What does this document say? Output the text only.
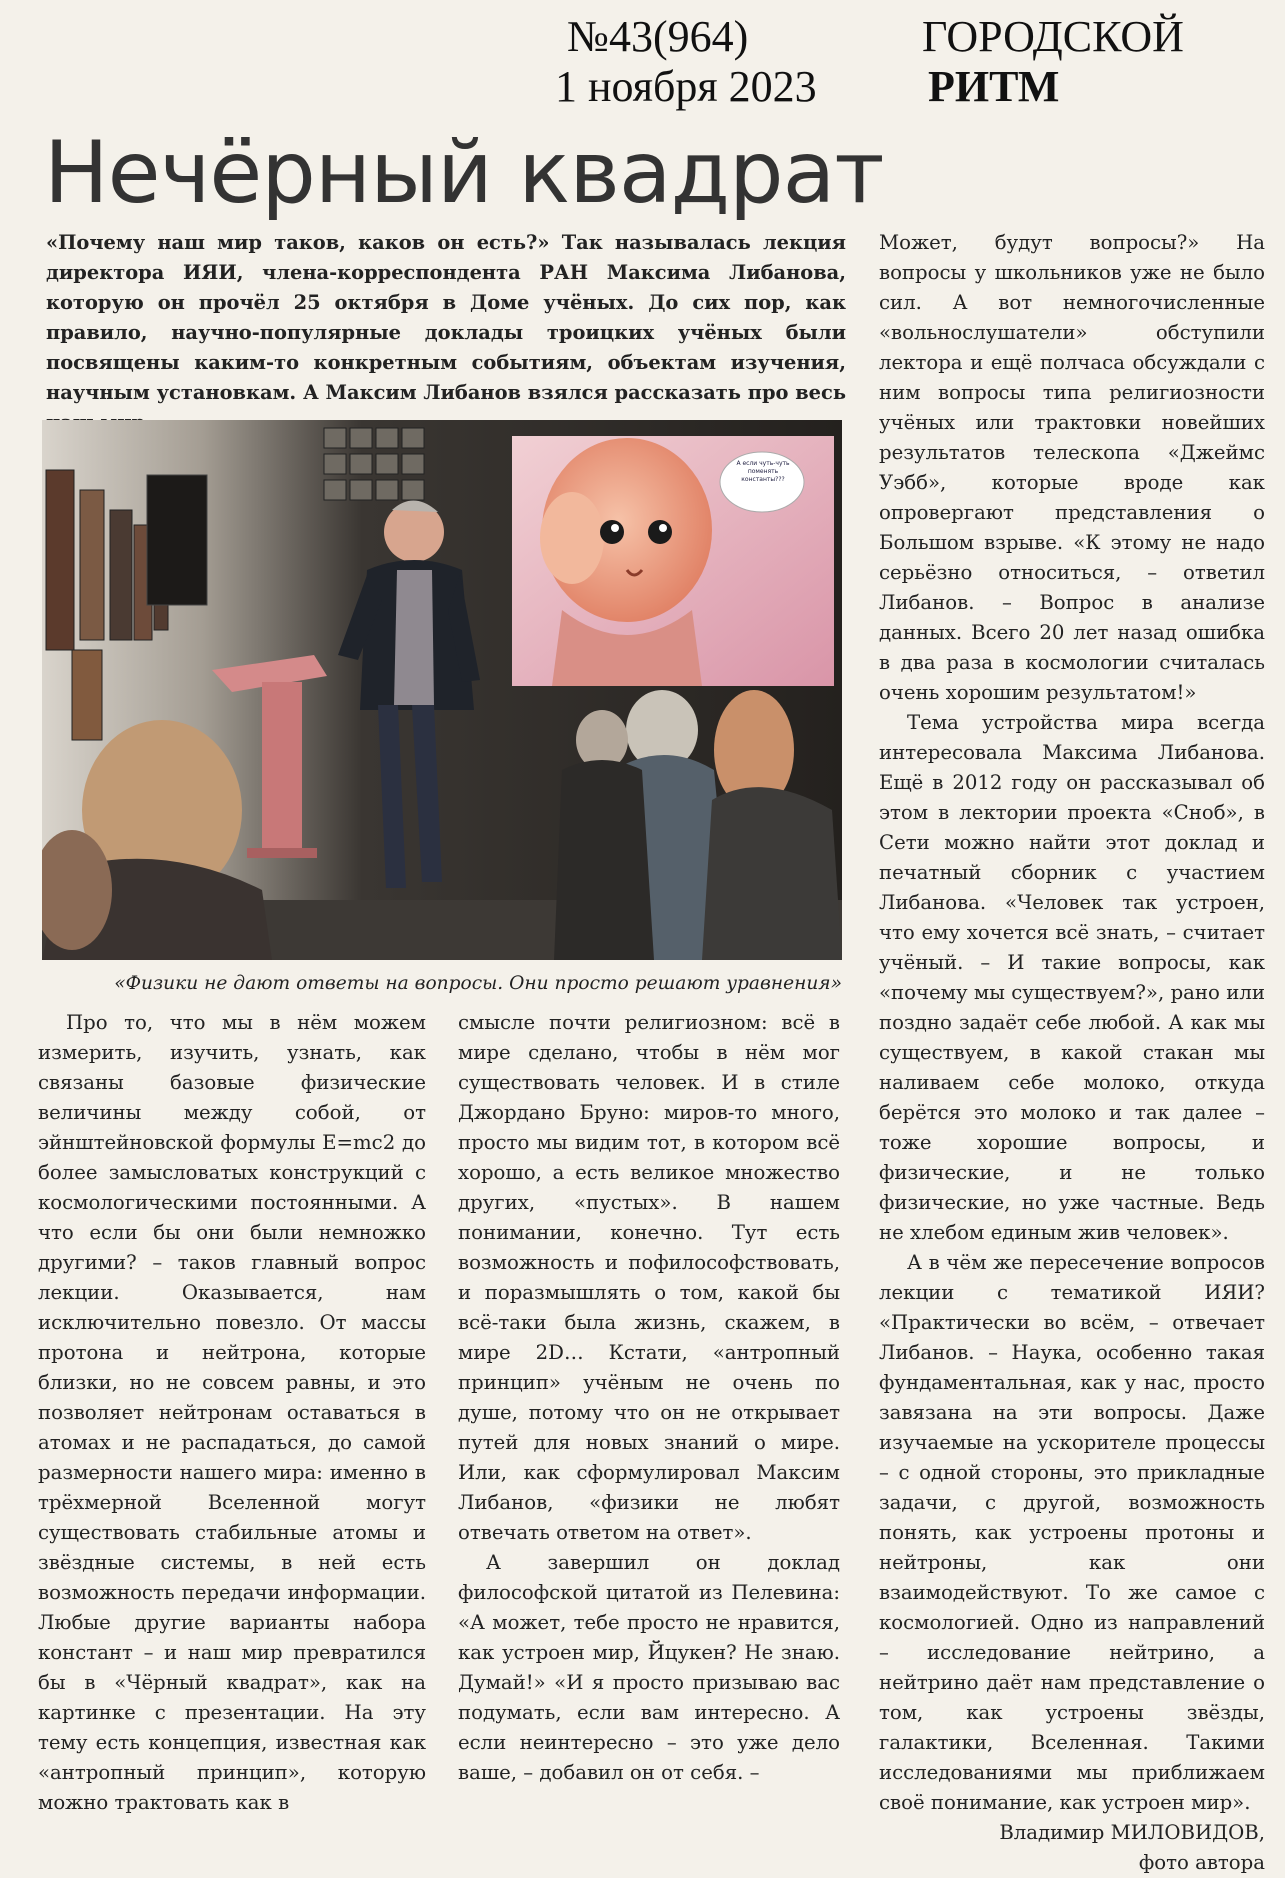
№43(964)
1 ноября 2023
ГОРОДСКОЙ
РИТМ
Нечёрный квадрат

«Почему наш мир таков, каков он есть?» Так называлась лекция директора ИЯИ, члена-корреспондента РАН Максима Либанова, которую он прочёл 25 октября в Доме учёных. До сих пор, как правило, научно-популярные доклады троицких учёных были посвящены каким-то конкретным событиям, объектам изучения, научным установкам. А Максим Либанов взялся рассказать про весь

А если чуть-чуть поменять константы???
«Физики не дают ответы на вопросы. Они просто решают уравнения»

Про то, что мы в нём можем измерить, изучить, узнать, как связаны базовые физические величины между собой, от эйнштейновской формулы E=mc2 до более замысловатых конструкций с космологическими постоянными. А что если бы они были немножко другими? – таков главный вопрос лекции. Оказывается, нам исключительно повезло. От массы протона и нейтрона, которые близки, но не совсем равны, и это позволяет нейтронам оставаться в атомах и не распадаться, до самой размерности нашего мира: именно в трёхмерной Вселенной могут существовать стабильные атомы и звёздные системы, в ней есть возможность передачи информации. Любые другие варианты набора констант – и наш мир превратился бы в «Чёрный квадрат», как на картинке с презентации. На эту тему есть концепция, известная как «антропный принцип», которую можно трактовать как в

смысле почти религиозном: всё в мире сделано, чтобы в нём мог существовать человек. И в стиле Джордано Бруно: миров-то много, просто мы видим тот, в котором всё хорошо, а есть великое множество других, «пустых». В нашем понимании, конечно. Тут есть возможность и пофилософствовать, и поразмышлять о том, какой бы всё-таки была жизнь, скажем, в мире 2D… Кстати, «антропный принцип» учёным не очень по душе, потому что он не открывает путей для новых знаний о мире. Или, как сформулировал Максим Либанов, «физики не любят отвечать ответом на ответ».

А завершил он доклад философской цитатой из Пелевина: «А может, тебе просто не нравится, как устроен мир, Йцукен? Не знаю. Думай!» «И я просто призываю вас подумать, если вам интересно. А если неинтересно – это уже дело ваше, – добавил он от себя. –

Может, будут вопросы?» На вопросы у школьников уже не было сил. А вот немногочисленные «вольнослушатели» обступили лектора и ещё полчаса обсуждали с ним вопросы типа религиозности учёных или трактовки новейших результатов телескопа «Джеймс Уэбб», которые вроде как опровергают представления о Большом взрыве. «К этому не надо серьёзно относиться, – ответил Либанов. – Вопрос в анализе данных. Всего 20 лет назад ошибка в два раза в космологии считалась очень хорошим результатом!»

Тема устройства мира всегда интересовала Максима Либанова. Ещё в 2012 году он рассказывал об этом в лектории проекта «Сноб», в Сети можно найти этот доклад и печатный сборник с участием Либанова. «Человек так устроен, что ему хочется всё знать, – считает учёный. – И такие вопросы, как «почему мы существуем?», рано или поздно задаёт себе любой. А как мы существуем, в какой стакан мы наливаем себе молоко, откуда берётся это молоко и так далее – тоже хорошие вопросы, и физические, и не только физические, но уже частные. Ведь не хлебом единым жив человек».

А в чём же пересечение вопросов лекции с тематикой ИЯИ? «Практически во всём, – отвечает Либанов. – Наука, особенно такая фундаментальная, как у нас, просто завязана на эти вопросы. Даже изучаемые на ускорителе процессы – с одной стороны, это прикладные задачи, с другой, возможность понять, как устроены протоны и нейтроны, как они взаимодействуют. То же самое с космологией. Одно из направлений – исследование нейтрино, а нейтрино даёт нам представление о том, как устроены звёзды, галактики, Вселенная. Такими исследованиями мы приближаем своё понимание, как устроен мир».

Владимир МИЛОВИДОВ,

фото автора
